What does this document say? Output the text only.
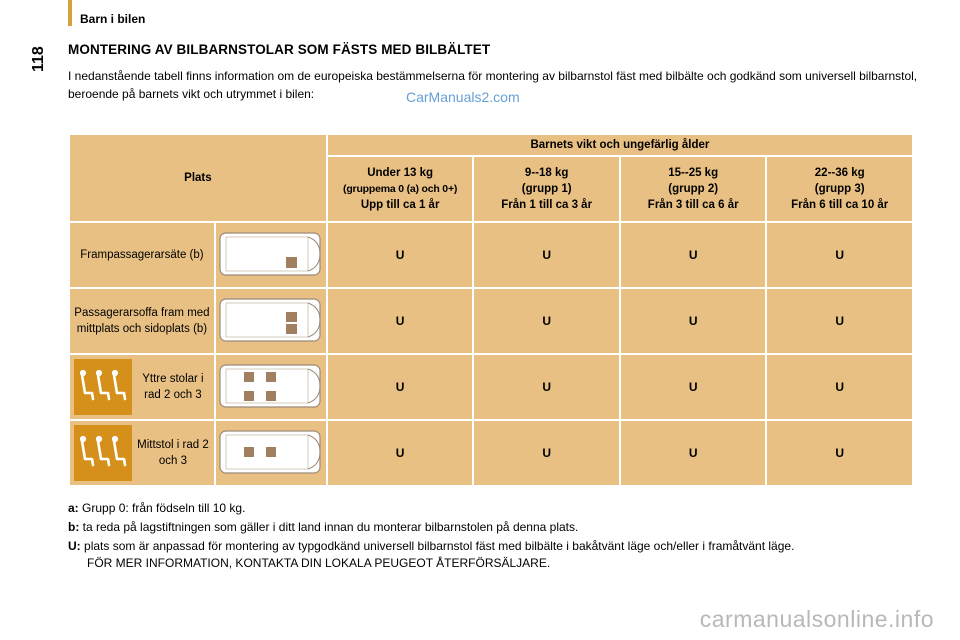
Barn i bilen
118 MONTERING AV BILBARNSTOLAR SOM FÄSTS MED BILBÄLTET
I nedanstående tabell finns information om de europeiska bestämmelserna för montering av bilbarnstol fäst med bilbälte och godkänd som universell bilbarnstol, beroende på barnets vikt och utrymmet i bilen:	CarManuals2.com
Plats		Barnets vikt och ungefärlig ålder			

		Under 13 kg
(gruppema 0 (a) och 0+)
Upp till ca 1 år	9--18 kg
(grupp 1)
Från 1 till ca 3 år	15--25 kg
(grupp 2)
Från 3 till ca 6 år	22--36 kg
(grupp 3)
Från 6 till ca 10 år
Frampassagerarsäte (b)		U	U	U	U
Passagerarsoffa fram med mittplats och sidoplats (b)		U	U	U	U

Yttre stolar i rad 2 och 3		U	U	U	U

Mittstol i rad 2 och 3		U	U	U	U
a: Grupp 0: från födseln till 10 kg.
b: ta reda på lagstiftningen som gäller i ditt land innan du monterar bilbarnstolen på denna plats.
U: plats som är anpassad för montering av typgodkänd universell bilbarnstol fäst med bilbälte i bakåtvänt läge och/eller i framåtvänt läge.
FÖR MER INFORMATION, KONTAKTA DIN LOKALA PEUGEOT ÅTERFÖRSÄLJARE.
carmanualsonline.info
